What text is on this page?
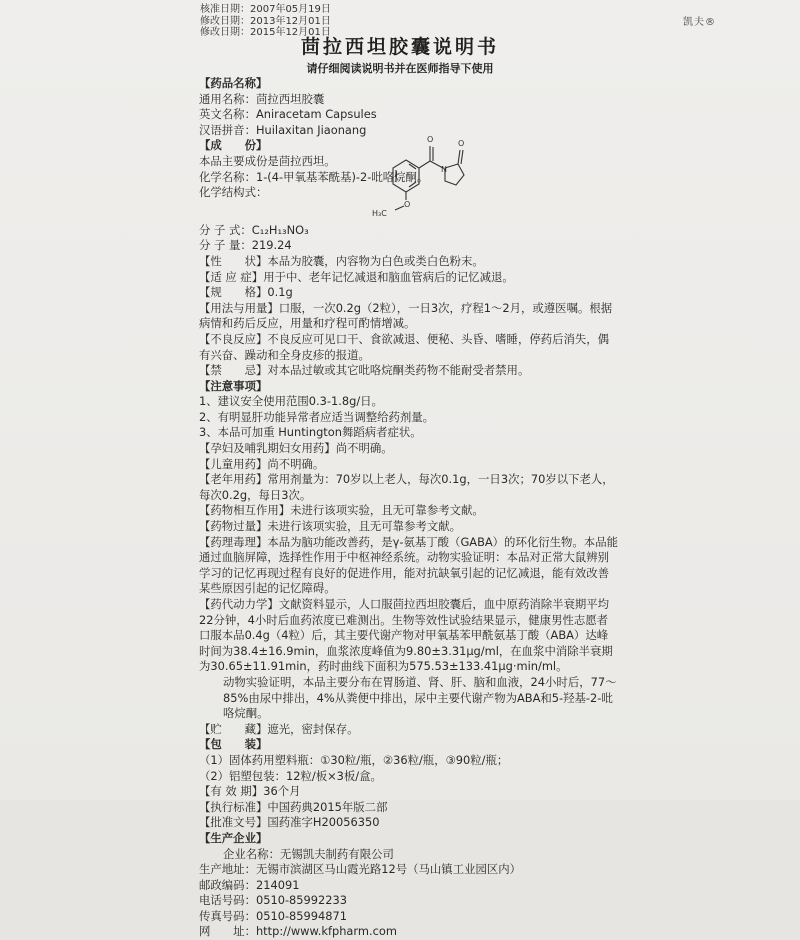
核准日期：2007年05月19日
修改日期：2013年12月01日
修改日期：2015年12月01日
凯夫®
茴拉西坦胶囊说明书
请仔细阅读说明书并在医师指导下使用
O	O
N
O
H₃C
【药品名称】
通用名称：茴拉西坦胶囊
英文名称：Aniracetam Capsules
汉语拼音：Huilaxitan Jiaonang
【成　　份】
本品主要成份是茴拉西坦。
化学名称：1-(4-甲氧基苯酰基)-2-吡咯烷酮。
化学结构式：
分 子 式：C₁₂H₁₃NO₃
分 子 量：219.24
【性　　状】本品为胶囊，内容物为白色或类白色粉末。
【适 应 症】用于中、老年记忆减退和脑血管病后的记忆减退。
【规　　格】0.1g
【用法与用量】口服，一次0.2g（2粒），一日3次，疗程1～2月，或遵医嘱。根据病情和药后反应，用量和疗程可酌情增减。
【不良反应】不良反应可见口干、食欲减退、便秘、头昏、嗜睡，停药后消失，偶有兴奋、躁动和全身皮疹的报道。
【禁　　忌】对本品过敏或其它吡咯烷酮类药物不能耐受者禁用。
【注意事项】
1、建议安全使用范围0.3-1.8g/日。
2、有明显肝功能异常者应适当调整给药剂量。
3、本品可加重 Huntington舞蹈病者症状。
【孕妇及哺乳期妇女用药】尚不明确。
【儿童用药】尚不明确。
【老年用药】常用剂量为：70岁以上老人，每次0.1g，一日3次；70岁以下老人，每次0.2g，每日3次。
【药物相互作用】未进行该项实验，且无可靠参考文献。
【药物过量】未进行该项实验，且无可靠参考文献。
【药理毒理】本品为脑功能改善药，是γ-氨基丁酸（GABA）的环化衍生物。本品能通过血脑屏障，选择性作用于中枢神经系统。动物实验证明：本品对正常大鼠辨别学习的记忆再现过程有良好的促进作用，能对抗缺氧引起的记忆减退，能有效改善某些原因引起的记忆障碍。
【药代动力学】文献资料显示，人口服茴拉西坦胶囊后，血中原药消除半衰期平均22分钟，4小时后血药浓度已难测出。生物等效性试验结果显示，健康男性志愿者口服本品0.4g（4粒）后，其主要代谢产物对甲氧基苯甲酰氨基丁酸（ABA）达峰时间为38.4±16.9min，血浆浓度峰值为9.80±3.31μg/ml，在血浆中消除半衰期为30.65±11.91min，药时曲线下面积为575.53±133.41μg·min/ml。
动物实验证明，本品主要分布在胃肠道、肾、肝、脑和血液，24小时后，77～85%由尿中排出，4%从粪便中排出，尿中主要代谢产物为ABA和5-羟基-2-吡咯烷酮。
【贮　　藏】遮光，密封保存。
【包　　装】
（1）固体药用塑料瓶：①30粒/瓶，②36粒/瓶，③90粒/瓶；
（2）铝塑包装：12粒/板×3板/盒。
【有 效 期】36个月
【执行标准】中国药典2015年版二部
【批准文号】国药准字H20056350
【生产企业】
企业名称：无锡凯夫制药有限公司
生产地址：无锡市滨湖区马山霞光路12号（马山镇工业园区内）
邮政编码：214091
电话号码：0510-85992233
传真号码：0510-85994871
网　　址：http://www.kfpharm.com
